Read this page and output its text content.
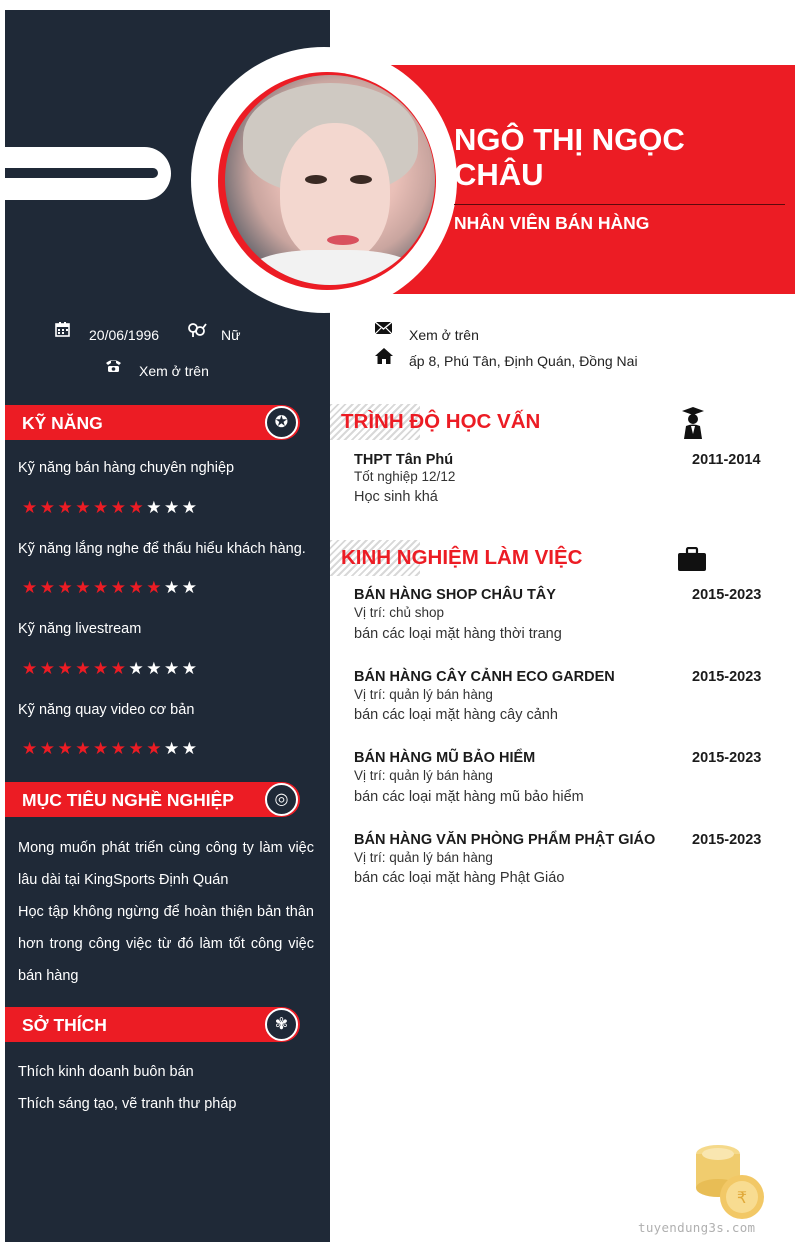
NGÔ THỊ NGỌC CHÂU
NHÂN VIÊN BÁN HÀNG
20/06/1996	Nữ
Xem ở trên
Xem ở trên
ấp 8, Phú Tân, Định Quán, Đồng Nai
KỸ NĂNG	✪
Kỹ năng bán hàng chuyên nghiệp
★★★★★★★★★★
Kỹ năng lắng nghe để thấu hiểu khách hàng.
★★★★★★★★★★
Kỹ năng livestream
★★★★★★★★★★
Kỹ năng quay video cơ bản
★★★★★★★★★★
MỤC TIÊU NGHỀ NGHIỆP	◎
Mong muốn phát triển cùng công ty làm việc lâu dài tại KingSports Định Quán
Học tập không ngừng để hoàn thiện bản thân hơn trong công việc từ đó làm tốt công việc bán hàng
SỞ THÍCH	✾
Thích kinh doanh buôn bán
Thích sáng tạo, vẽ tranh thư pháp
TRÌNH ĐỘ HỌC VẤN
THPT Tân Phú	2011-2014
Tốt nghiệp 12/12
Học sinh khá
KINH NGHIỆM LÀM VIỆC
BÁN HÀNG SHOP CHÂU TÂY	2015-2023
Vị trí: chủ shop
bán các loại mặt hàng thời trang
BÁN HÀNG CÂY CẢNH ECO GARDEN	2015-2023
Vị trí: quản lý bán hàng
bán các loại mặt hàng cây cảnh
BÁN HÀNG MŨ BẢO HIỂM	2015-2023
Vị trí: quản lý bán hàng
bán các loại mặt hàng mũ bảo hiểm
BÁN HÀNG VĂN PHÒNG PHẨM PHẬT GIÁO	2015-2023
Vị trí: quản lý bán hàng
bán các loại mặt hàng Phật Giáo
₹
tuyendung3s.com
